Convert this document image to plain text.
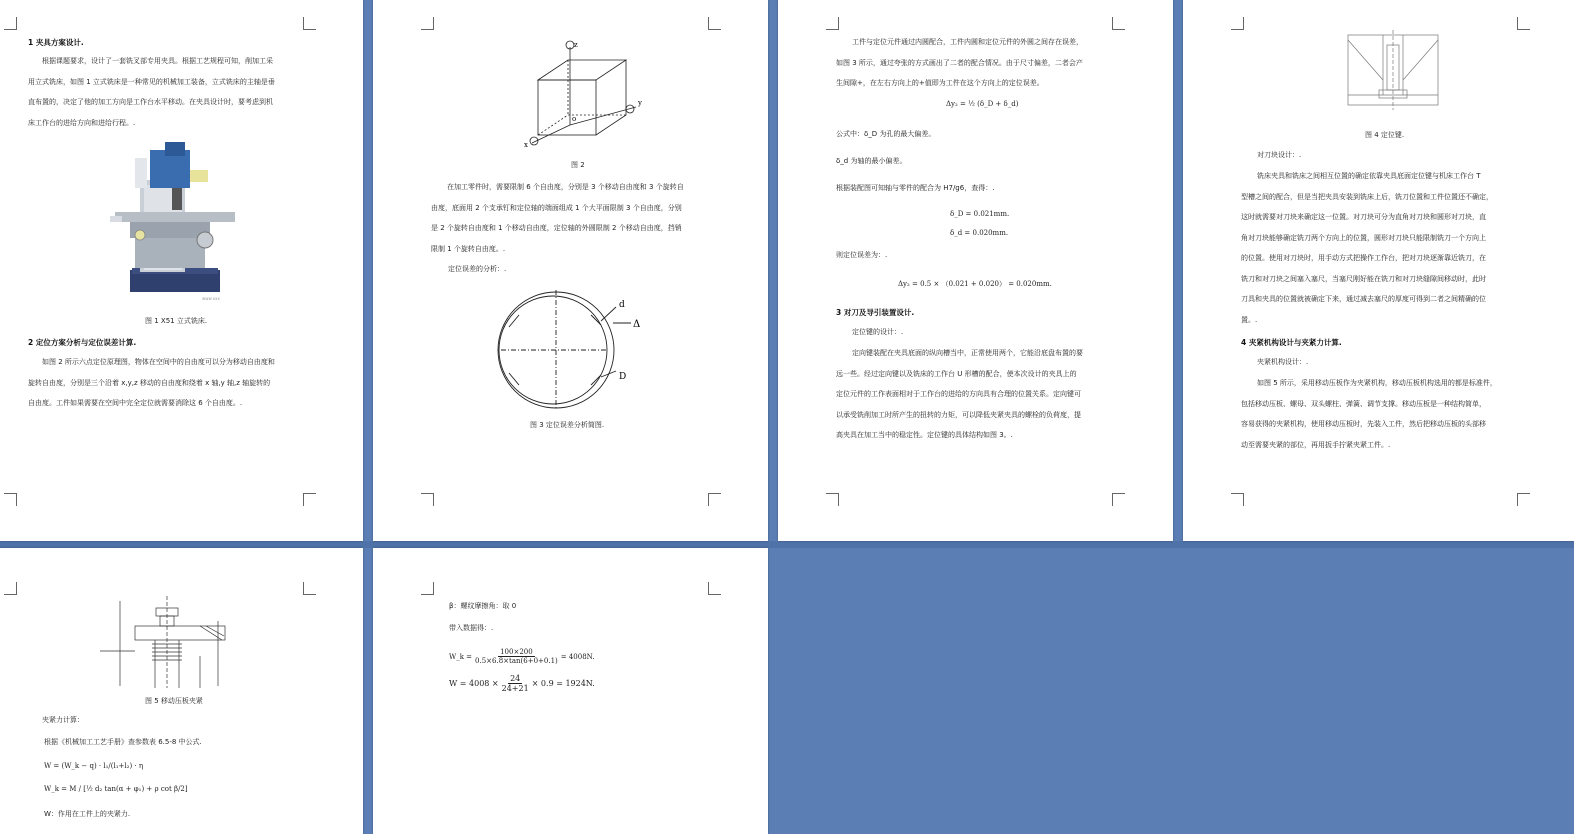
1 夹具方案设计.

根据课题要求，设计了一套铣叉部专用夹具。根据工艺规程可知，削加工采

用立式铣床，如图 1 立式铣床是一种常见的机械加工装备，立式铣床的主轴是垂

直布置的，决定了他的加工方向是工作台水平移动。在夹具设计时，要考虑到机

床工作台的进给方向和进给行程。.

www.xxx
图 1 X51 立式铣床.
2 定位方案分析与定位误差计算.

如图 2 所示六点定位原理图，物体在空间中的自由度可以分为移动自由度和

旋转自由度，分别是三个沿着 x,y,z 移动的自由度和绕着 x 轴,y 轴,z 轴旋转的

自由度。工件如果需要在空间中完全定位就需要消除这 6 个自由度。.

z
y
x
o
图 2

在加工零件时，需要限制 6 个自由度，分别是 3 个移动自由度和 3 个旋转自

由度，底面用 2 个支承钉和定位轴的端面组成 1 个大平面限制 3 个自由度，分别

是 2 个旋转自由度和 1 个移动自由度，定位轴的外圆限制 2 个移动自由度，挡销

限制 1 个旋转自由度。.

定位误差的分析：.
d
Δ
D
图 3 定位误差分析简图.

工件与定位元件通过内圆配合，工件内圆和定位元件的外圆之间存在误差，

如图 3 所示，通过夸张的方式画出了二者的配合情况。由于尺寸偏差，二者会产

生间隙+，在左右方向上的+值即为工件在这个方向上的定位误差。

Δy₂ = ½ (δ_D + δ_d)
公式中：δ_D 为孔的最大偏差。
δ_d 为轴的最小偏差。
根据装配图可知轴与零件的配合为 H7/g6，查得：.
δ_D = 0.021mm.
δ_d = 0.020mm.
则定位误差为：.
Δy₂ = 0.5 × （0.021 + 0.020） = 0.020mm.
3 对刀及导引装置设计.
定位键的设计：.

定向键装配在夹具底面的纵向槽当中，正常使用两个，它能沿底盘布置的要

远一些。经过定向键以及铣床的工作台 U 形槽的配合，使本次设计的夹具上的

定位元件的工作表面相对于工作台的进给的方向具有合理的位置关系。定向键可

以承受铣削加工时所产生的扭转的力矩，可以降低夹紧夹具的螺栓的负荷度，提

高夹具在加工当中的稳定性。定位键的具体结构如图 3。.

图 4 定位键.
对刀块设计：.

铣床夹具和铣床之间相互位置的确定依靠夹具底面定位键与机床工作台 T

型槽之间的配合，但是当把夹具安装到铣床上后，铣刀位置和工件位置还不确定，

这时就需要对刀块来确定这一位置。对刀块可分为直角对刀块和圆形对刀块，直

角对刀块能够确定铣刀两个方向上的位置，圆形对刀块只能限制铣刀一个方向上

的位置。使用对刀块时，用手动方式把操作工作台，把对刀块逐渐靠近铣刀，在

铣刀和对刀块之间塞入塞尺，当塞尺刚好能在铣刀和对刀块缝隙间移动时，此时

刀具和夹具的位置就被确定下来，通过减去塞尺的厚度可得到二者之间精确的位

置。.

4 夹紧机构设计与夹紧力计算.
夹紧机构设计：.

如图 5 所示，采用移动压板作为夹紧机构，移动压板机构选用的都是标准件，

包括移动压板、螺母、双头螺柱、弹簧、调节支撑。移动压板是一种结构简单，

容易获得的夹紧机构，使用移动压板时，先装入工件，然后把移动压板的头部移

动至需要夹紧的部位，再用扳手拧紧夹紧工件。.

图 5 移动压板夹紧
夹紧力计算：
根据《机械加工工艺手册》查参数表 6.5-8 中公式.
W = (W_k − q) · l₁/(l₁+l₂) · η
W_k = M / [½ d₂ tan(α + φ₁) + ρ cot β/2]
W：作用在工件上的夹紧力.
β：螺纹摩擦角：取 0
带入数据得：.
W_k = $\frac{100\times 200}{0.5\times 6.8\times\tan(6+0+0.1)} = 4008N$.
$W = 4008 \times \frac{24}{24+21} \times 0.9 = 1924N$.
